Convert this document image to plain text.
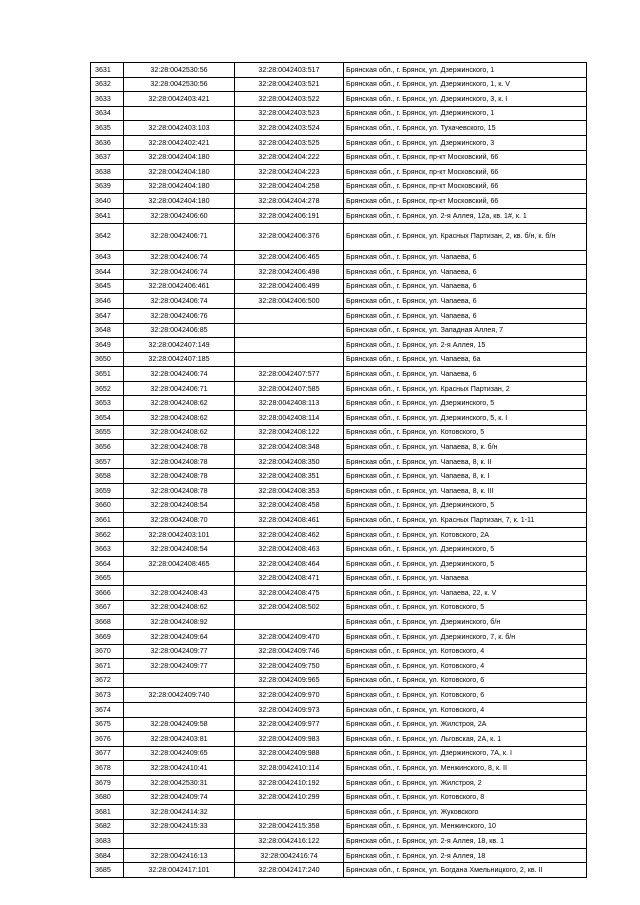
3631	32:28:0042530:56	32:28:0042403:517	Брянская обл., г. Брянск, ул. Дзержинского, 1
3632	32:28:0042530:56	32:28:0042403:521	Брянская обл., г. Брянск, ул. Дзержинского, 1, к. V
3633	32:28:0042403:421	32:28:0042403:522	Брянская обл., г. Брянск, ул. Дзержинского, 3, к. I
3634		32:28:0042403:523	Брянская обл., г. Брянск, ул. Дзержинского, 1
3635	32:28:0042403:103	32:28:0042403:524	Брянская обл., г. Брянск, ул. Тухачевского, 15
3636	32:28:0042402:421	32:28:0042403:525	Брянская обл., г. Брянск, ул. Дзержинского, 3
3637	32:28:0042404:180	32:28:0042404:222	Брянская обл., г. Брянск, пр-кт Московский, 66
3638	32:28:0042404:180	32:28:0042404:223	Брянская обл., г. Брянск, пр-кт Московский, 66
3639	32:28:0042404:180	32:28:0042404:258	Брянская обл., г. Брянск, пр-кт Московский, 66
3640	32:28:0042404:180	32:28:0042404:278	Брянская обл., г. Брянск, пр-кт Московский, 66
3641	32:28:0042406:60	32:28:0042406:191	Брянская обл., г. Брянск, ул. 2-я Аллея, 12а, кв. 1#, к. 1
3642	32:28:0042406:71	32:28:0042406:376	Брянская обл., г. Брянск, ул. Красных Партизан, 2, кв. б/н, к. б/н
3643	32:28:0042406:74	32:28:0042406:465	Брянская обл., г. Брянск, ул. Чапаева, 6
3644	32:28:0042406:74	32:28:0042406:498	Брянская обл., г. Брянск, ул. Чапаева, 6
3645	32:28:0042406:461	32:28:0042406:499	Брянская обл., г. Брянск, ул. Чапаева, 6
3646	32:28:0042406:74	32:28:0042406:500	Брянская обл., г. Брянск, ул. Чапаева, 6
3647	32:28:0042406:76		Брянская обл., г. Брянск, ул. Чапаева, 6
3648	32:28:0042406:85		Брянская обл., г. Брянск, ул. Западная Аллея, 7
3649	32:28:0042407:149		Брянская обл., г. Брянск, ул. 2-я Аллея, 15
3650	32:28:0042407:185		Брянская обл., г. Брянск, ул. Чапаева, 6а
3651	32:28:0042406:74	32:28:0042407:577	Брянская обл., г. Брянск, ул. Чапаева, 6
3652	32:28:0042406:71	32:28:0042407:585	Брянская обл., г. Брянск, ул. Красных Партизан, 2
3653	32:28:0042408:62	32:28:0042408:113	Брянская обл., г. Брянск, ул. Дзержинского, 5
3654	32:28:0042408:62	32:28:0042408:114	Брянская обл., г. Брянск, ул. Дзержинского, 5, к. I
3655	32:28:0042408:62	32:28:0042408:122	Брянская обл., г. Брянск, ул. Котовского, 5
3656	32:28:0042408:78	32:28:0042408:348	Брянская обл., г. Брянск, ул. Чапаева, 8, к. б/н
3657	32:28:0042408:78	32:28:0042408:350	Брянская обл., г. Брянск, ул. Чапаева, 8, к. II
3658	32:28:0042408:78	32:28:0042408:351	Брянская обл., г. Брянск, ул. Чапаева, 8, к. I
3659	32:28:0042408:78	32:28:0042408:353	Брянская обл., г. Брянск, ул. Чапаева, 8, к. III
3660	32:28:0042408:54	32:28:0042408:458	Брянская обл., г. Брянск, ул. Дзержинского, 5
3661	32:28:0042408:70	32:28:0042408:461	Брянская обл., г. Брянск, ул. Красных Партизан, 7, к. 1-11
3662	32:28:0042403:101	32:28:0042408:462	Брянская обл., г. Брянск, ул. Котовского, 2А
3663	32:28:0042408:54	32:28:0042408:463	Брянская обл., г. Брянск, ул. Дзержинского, 5
3664	32:28:0042408:465	32:28:0042408:464	Брянская обл., г. Брянск, ул. Дзержинского, 5
3665		32:28:0042408:471	Брянская обл., г. Брянск, ул. Чапаева
3666	32:28:0042408:43	32:28:0042408:475	Брянская обл., г. Брянск, ул. Чапаева, 22, к. V
3667	32:28:0042408:62	32:28:0042408:502	Брянская обл., г. Брянск, ул. Котовского, 5
3668	32:28:0042408:92		Брянская обл., г. Брянск, ул. Дзержинского, б/н
3669	32:28:0042409:64	32:28:0042409:470	Брянская обл., г. Брянск, ул. Дзержинского, 7, к. б/н
3670	32:28:0042409:77	32:28:0042409:746	Брянская обл., г. Брянск, ул. Котовского, 4
3671	32:28:0042409:77	32:28:0042409:750	Брянская обл., г. Брянск, ул. Котовского, 4
3672		32:28:0042409:965	Брянская обл., г. Брянск, ул. Котовского, 6
3673	32:28:0042409:740	32:28:0042409:970	Брянская обл., г. Брянск, ул. Котовского, 6
3674		32:28:0042409:973	Брянская обл., г. Брянск, ул. Котовского, 4
3675	32:28:0042409:58	32:28:0042409:977	Брянская обл., г. Брянск, ул. Жилстроя, 2А
3676	32:28:0042403:81	32:28:0042409:983	Брянская обл., г. Брянск, ул. Льговская, 2А, к. 1
3677	32:28:0042409:65	32:28:0042409:988	Брянская обл., г. Брянск, ул. Дзержинского, 7А, к. I
3678	32:28:0042410:41	32:28:0042410:114	Брянская обл., г. Брянск, ул. Менжинского, 8, к. II
3679	32:28:0042530:31	32:28:0042410:192	Брянская обл., г. Брянск, ул. Жилстроя, 2
3680	32:28:0042409:74	32:28:0042410:299	Брянская обл., г. Брянск, ул. Котовского, 8
3681	32:28:0042414:32		Брянская обл., г. Брянск, ул. Жуковского
3682	32:28:0042415:33	32:28:0042415:358	Брянская обл., г. Брянск, ул. Менжинского, 10
3683		32:28:0042416:122	Брянская обл., г. Брянск, ул. 2-я Аллея, 18, кв. 1
3684	32:28:0042416:13	32:28:0042416:74	Брянская обл., г. Брянск, ул. 2-я Аллея, 18
3685	32:28:0042417:101	32:28:0042417:240	Брянская обл., г. Брянск, ул. Богдана Хмельницкого, 2, кв. II
